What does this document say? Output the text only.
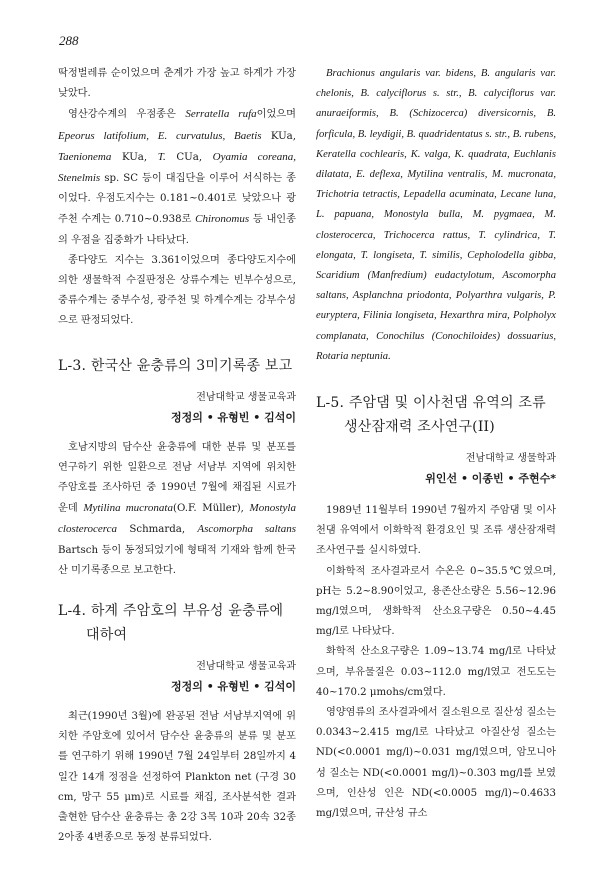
288

딱정벌레류 순이었으며 춘계가 가장 높고 하계가 가장 낮았다.

영산강수계의 우점종은 Serratella rufa이었으며 Epeorus latifolium, E. curvatulus, Baetis KUa, Taenionema KUa, T. CUa, Oyamia coreana, Stenelmis sp. SC 등이 대집단을 이루어 서식하는 종이었다. 우점도지수는 0.181~0.401로 낮았으나 광주천 수계는 0.710~0.938로 Chironomus 등 내인종의 우점을 집중화가 나타났다.

종다양도 지수는 3.361이었으며 종다양도지수에 의한 생물학적 수질판정은 상류수계는 빈부수성으로, 중류수계는 중부수성, 광주천 및 하계수계는 강부수성으로 판정되었다.

L-3. 한국산 윤충류의 3미기록종 보고

전남대학교 생물교육과

정정의 • 유형빈 • 김석이

호남지방의 담수산 윤충류에 대한 분류 및 분포를 연구하기 위한 일환으로 전남 서남부 지역에 위치한 주암호를 조사하던 중 1990년 7월에 채집된 시료가운데 Mytilina mucronata(O.F. Müller), Monostyla closterocerca Schmarda, Ascomorpha saltans Bartsch 등이 동정되었기에 형태적 기재와 함께 한국산 미기록종으로 보고한다.

L-4. 하계 주암호의 부유성 윤충류에
대하여

전남대학교 생물교육과

정정의 • 유형빈 • 김석이

최근(1990년 3월)에 완공된 전남 서남부지역에 위치한 주암호에 있어서 담수산 윤충류의 분류 및 분포를 연구하기 위해 1990년 7월 24일부터 28일까지 4일간 14개 정점을 선정하여 Plankton net (구경 30 cm, 망구 55 μm)로 시료를 채집, 조사분석한 결과 출현한 담수산 윤충류는 총 2강 3목 10과 20속 32종 2아종 4변종으로 동정 분류되었다.

Brachionus angularis var. bidens, B. angularis var. chelonis, B. calyciflorus s. str., B. calyciflorus var. anuraeiformis, B. (Schizocerca) diversicornis, B. forficula, B. leydigii, B. quadridentatus s. str., B. rubens, Keratella cochlearis, K. valga, K. quadrata, Euchlanis dilatata, E. deflexa, Mytilina ventralis, M. mucronata, Trichotria tetractis, Lepadella acuminata, Lecane luna, L. papuana, Monostyla bulla, M. pygmaea, M. closterocerca, Trichocerca rattus, T. cylindrica, T. elongata, T. longiseta, T. similis, Cepholodella gibba, Scaridium (Manfredium) eudactylotum, Ascomorpha saltans, Asplanchna priodonta, Polyarthra vulgaris, P. euryptera, Filinia longiseta, Hexarthra mira, Polpholyx complanata, Conochilus (Conochiloides) dossuarius, Rotaria neptunia.

L-5. 주암댐 및 이사천댐 유역의 조류
생산잠재력 조사연구(II)

전남대학교 생물학과

위인선 • 이종빈 • 주현수*

1989년 11월부터 1990년 7월까지 주암댐 및 이사천댐 유역에서 이화학적 환경요인 및 조류 생산잠재력 조사연구를 실시하였다.

이화학적 조사결과로서 수온은 0~35.5℃였으며, pH는 5.2~8.90이었고, 용존산소량은 5.56~12.96 mg/l였으며, 생화학적 산소요구량은 0.50~4.45 mg/l로 나타났다.

화학적 산소요구량은 1.09~13.74 mg/l로 나타났으며, 부유물질은 0.03~112.0 mg/l였고 전도도는 40~170.2 μmohs/cm였다.

영양염류의 조사결과에서 질소원으로 질산성 질소는 0.0343~2.415 mg/l로 나타났고 아질산성 질소는 ND(<0.0001 mg/l)~0.031 mg/l였으며, 암모니아성 질소는 ND(<0.0001 mg/l)~0.303 mg/l를 보였으며, 인산성 인은 ND(<0.0005 mg/l)~0.4633 mg/l였으며, 규산성 규소
